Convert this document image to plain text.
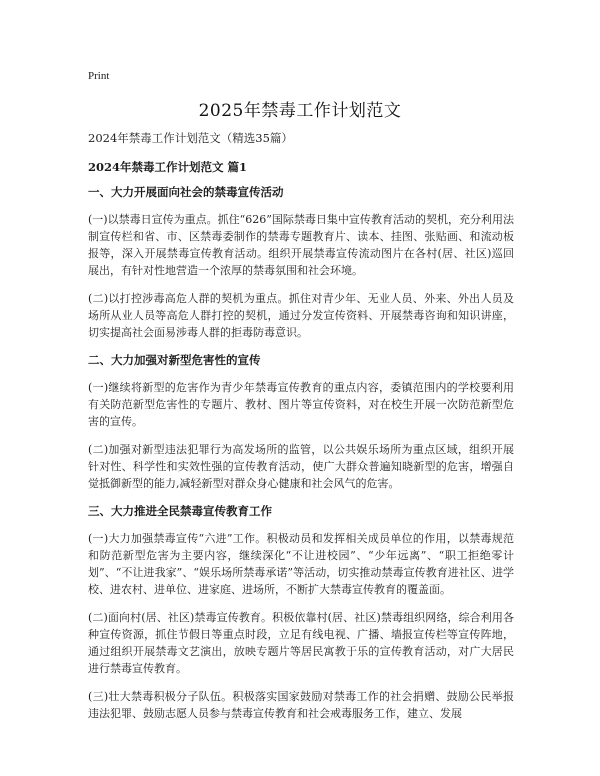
Print
2025年禁毒工作计划范文

2024年禁毒工作计划范文（精选35篇）

2024年禁毒工作计划范文 篇1

一、大力开展面向社会的禁毒宣传活动

(一)以禁毒日宣传为重点。抓住“626”国际禁毒日集中宣传教育活动的契机，充分利用法制宣传栏和省、市、区禁毒委制作的禁毒专题教育片、读本、挂图、张贴画、和流动板报等，深入开展禁毒宣传教育活动。组织开展禁毒宣传流动图片在各村(居、社区)巡回展出，有针对性地营造一个浓厚的禁毒氛围和社会环境。

(二)以打控涉毒高危人群的契机为重点。抓住对青少年、无业人员、外来、外出人员及场所从业人员等高危人群打控的契机，通过分发宣传资料、开展禁毒咨询和知识讲座，切实提高社会面易涉毒人群的拒毒防毒意识。

二、大力加强对新型危害性的宣传

(一)继续将新型的危害作为青少年禁毒宣传教育的重点内容，委镇范围内的学校要利用有关防范新型危害性的专题片、教材、图片等宣传资料，对在校生开展一次防范新型危害的宣传。

(二)加强对新型违法犯罪行为高发场所的监管，以公共娱乐场所为重点区域，组织开展针对性、科学性和实效性强的宣传教育活动，使广大群众普遍知晓新型的危害，增强自觉抵御新型的能力,减轻新型对群众身心健康和社会风气的危害。

三、大力推进全民禁毒宣传教育工作

(一)大力加强禁毒宣传“六进”工作。积极动员和发挥相关成员单位的作用，以禁毒规范和防范新型危害为主要内容，继续深化“不让进校园”、“少年远离”、“职工拒绝零计划”、“不让进我家”、“娱乐场所禁毒承诺”等活动，切实推动禁毒宣传教育进社区、进学校、进农村、进单位、进家庭、进场所，不断扩大禁毒宣传教育的覆盖面。

(二)面向村(居、社区)禁毒宣传教育。积极依靠村(居、社区)禁毒组织网络，综合利用各种宣传资源，抓住节假日等重点时段，立足有线电视、广播、墙报宣传栏等宣传阵地，通过组织开展禁毒文艺演出，放映专题片等居民寓教于乐的宣传教育活动，对广大居民进行禁毒宣传教育。

(三)壮大禁毒积极分子队伍。积极落实国家鼓励对禁毒工作的社会捐赠、鼓励公民举报违法犯罪、鼓励志愿人员参与禁毒宣传教育和社会戒毒服务工作，建立、发展
